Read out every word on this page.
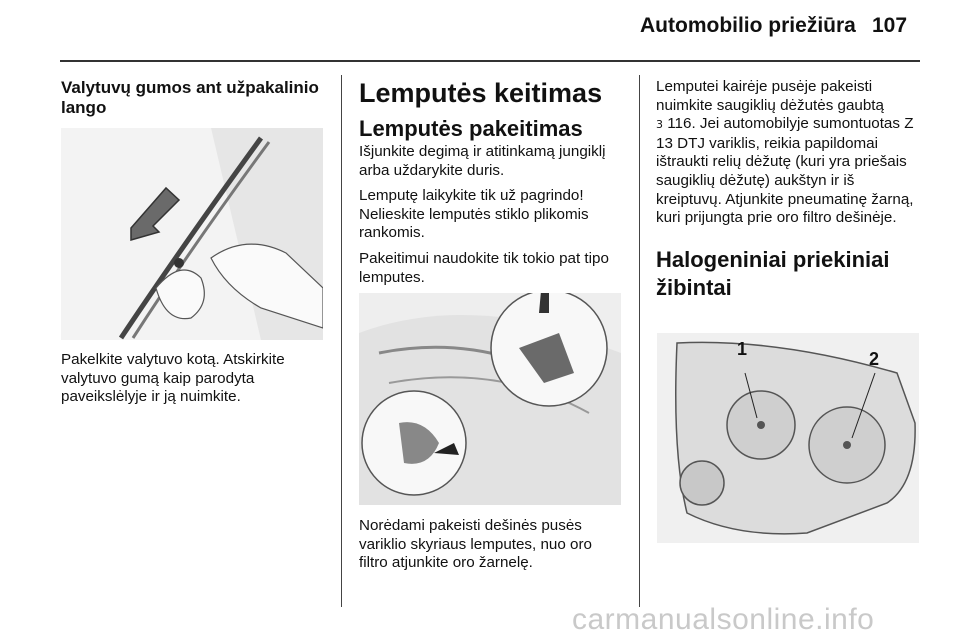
Automobilio priežiūra 107
Valytuvų gumos ant užpakalinio lango

Pakelkite valytuvo kotą. Atskirkite valytuvo gumą kaip parodyta paveikslėlyje ir ją nuimkite.

Lemputės keitimas
Lemputės pakeitimas

Išjunkite degimą ir atitinkamą jungiklį arba uždarykite duris.

Lemputę laikykite tik už pagrindo! Nelieskite lemputės stiklo plikomis rankomis.

Pakeitimui naudokite tik tokio pat tipo lemputes.

Norėdami pakeisti dešinės pusės variklio skyriaus lemputes, nuo oro filtro atjunkite oro žarnelę.

Lemputei kairėje pusėje pakeisti nuimkite saugiklių dėžutės gaubtą
3 116. Jei automobilyje sumontuotas Z 13 DTJ variklis, reikia papildomai ištraukti relių dėžutę (kuri yra priešais saugiklių dėžutę) aukštyn ir iš kreiptuvų. Atjunkite pneumatinę žarną, kuri prijungta prie oro filtro dešinėje.

Halogeniniai priekiniai žibintai
1	2
carmanualsonline.info
